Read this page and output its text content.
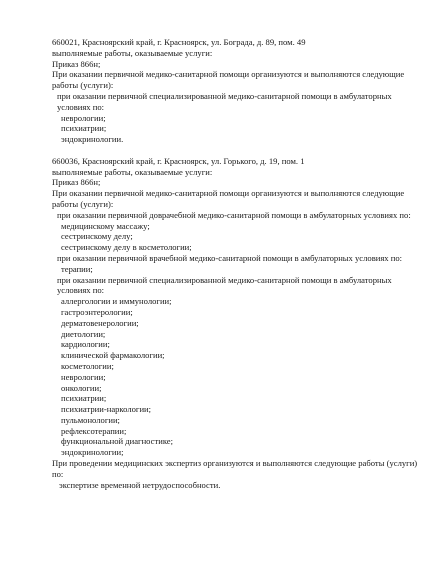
660021, Красноярский край, г. Красноярск, ул. Бограда, д. 89, пом. 49
выполняемые работы, оказываемые услуги:
Приказ 866н;
При оказании первичной медико-санитарной помощи организуются и выполняются следующие работы (услуги):
при оказании первичной специализированной медико-санитарной помощи в амбулаторных условиях по:
неврологии;
психиатрии;
эндокринологии.
660036, Красноярский край, г. Красноярск, ул. Горького, д. 19, пом. 1
выполняемые работы, оказываемые услуги:
Приказ 866н;
При оказании первичной медико-санитарной помощи организуются и выполняются следующие работы (услуги):
при оказании первичной доврачебной медико-санитарной помощи в амбулаторных условиях по:
медицинскому массажу;
сестринскому делу;
сестринскому делу в косметологии;
при оказании первичной врачебной медико-санитарной помощи в амбулаторных условиях по:
терапии;
при оказании первичной специализированной медико-санитарной помощи в амбулаторных условиях по:
аллергологии и иммунологии;
гастроэнтерологии;
дерматовенерологии;
диетологии;
кардиологии;
клинической фармакологии;
косметологии;
неврологии;
онкологии;
психиатрии;
психиатрии-наркологии;
пульмонологии;
рефлексотерапии;
функциональной диагностике;
эндокринологии;
При проведении медицинских экспертиз организуются и выполняются следующие работы (услуги) по:
экспертизе временной нетрудоспособности.
